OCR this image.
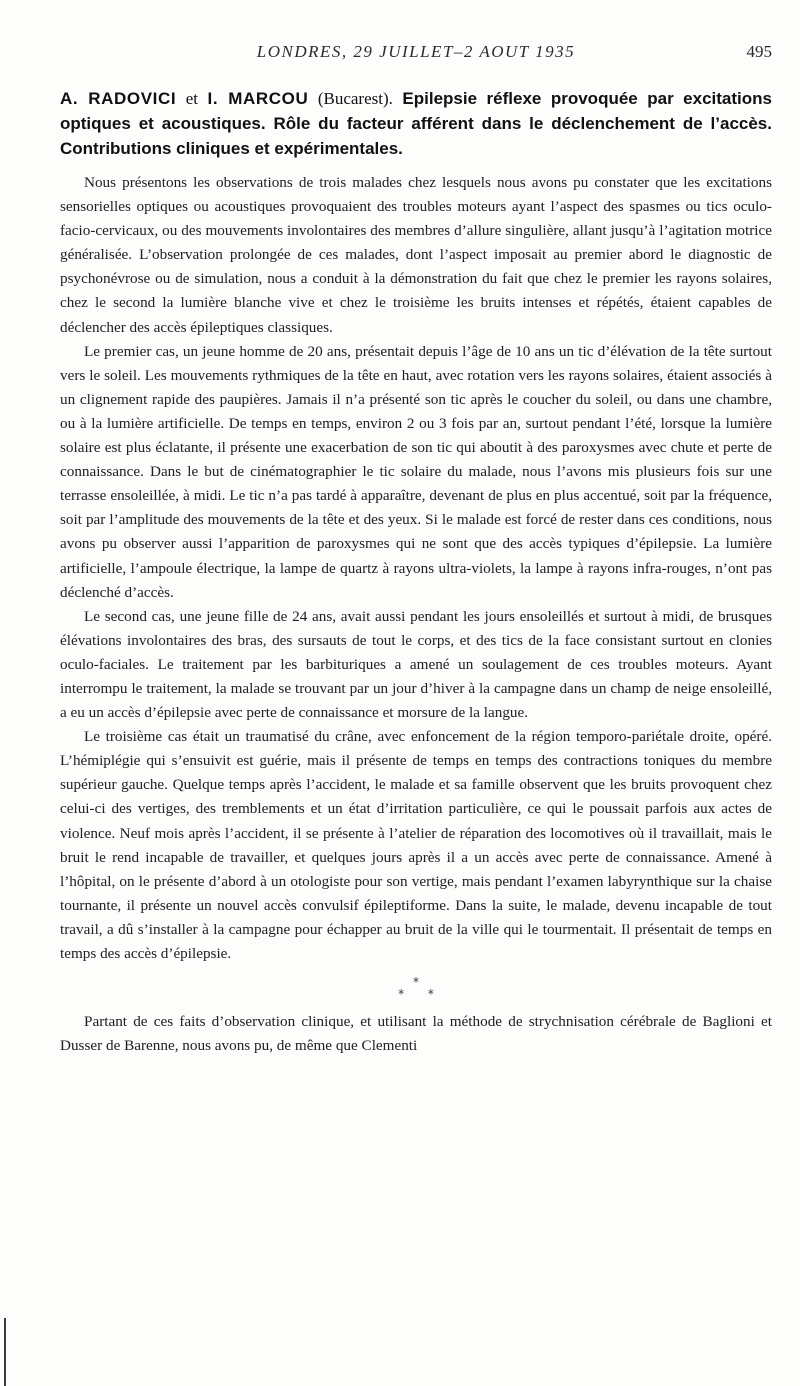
LONDRES, 29 JUILLET–2 AOUT 1935	495
A. RADOVICI et I. MARCOU (Bucarest). Epilepsie réflexe provoquée par excitations optiques et acoustiques. Rôle du facteur afférent dans le déclenchement de l’accès. Contributions cliniques et expérimentales.

Nous présentons les observations de trois malades chez lesquels nous avons pu constater que les excitations sensorielles optiques ou acoustiques provoquaient des troubles moteurs ayant l’aspect des spasmes ou tics oculo-facio-cervicaux, ou des mouvements involontaires des membres d’allure singulière, allant jusqu’à l’agitation motrice généralisée. L’observation prolongée de ces malades, dont l’aspect imposait au premier abord le diagnostic de psychonévrose ou de simulation, nous a conduit à la démonstration du fait que chez le premier les rayons solaires, chez le second la lumière blanche vive et chez le troisième les bruits intenses et répétés, étaient capables de déclencher des accès épileptiques classiques.

Le premier cas, un jeune homme de 20 ans, présentait depuis l’âge de 10 ans un tic d’élévation de la tête surtout vers le soleil. Les mouvements rythmiques de la tête en haut, avec rotation vers les rayons solaires, étaient associés à un clignement rapide des paupières. Jamais il n’a présenté son tic après le coucher du soleil, ou dans une chambre, ou à la lumière artificielle. De temps en temps, environ 2 ou 3 fois par an, surtout pendant l’été, lorsque la lumière solaire est plus éclatante, il présente une exacerbation de son tic qui aboutit à des paroxysmes avec chute et perte de connaissance. Dans le but de cinématographier le tic solaire du malade, nous l’avons mis plusieurs fois sur une terrasse ensoleillée, à midi. Le tic n’a pas tardé à apparaître, devenant de plus en plus accentué, soit par la fréquence, soit par l’amplitude des mouvements de la tête et des yeux. Si le malade est forcé de rester dans ces conditions, nous avons pu observer aussi l’apparition de paroxysmes qui ne sont que des accès typiques d’épilepsie. La lumière artificielle, l’ampoule électrique, la lampe de quartz à rayons ultra-violets, la lampe à rayons infra-rouges, n’ont pas déclenché d’accès.

Le second cas, une jeune fille de 24 ans, avait aussi pendant les jours ensoleillés et surtout à midi, de brusques élévations involontaires des bras, des sursauts de tout le corps, et des tics de la face consistant surtout en clonies oculo-faciales. Le traitement par les barbituriques a amené un soulagement de ces troubles moteurs. Ayant interrompu le traitement, la malade se trouvant par un jour d’hiver à la campagne dans un champ de neige ensoleillé, a eu un accès d’épilepsie avec perte de connaissance et morsure de la langue.

Le troisième cas était un traumatisé du crâne, avec enfoncement de la région temporo-pariétale droite, opéré. L’hémiplégie qui s’ensuivit est guérie, mais il présente de temps en temps des contractions toniques du membre supérieur gauche. Quelque temps après l’accident, le malade et sa famille observent que les bruits provoquent chez celui-ci des vertiges, des tremblements et un état d’irritation particulière, ce qui le poussait parfois aux actes de violence. Neuf mois après l’accident, il se présente à l’atelier de réparation des locomotives où il travaillait, mais le bruit le rend incapable de travailler, et quelques jours après il a un accès avec perte de connaissance. Amené à l’hôpital, on le présente d’abord à un otologiste pour son vertige, mais pendant l’examen labyrynthique sur la chaise tournante, il présente un nouvel accès convulsif épileptiforme. Dans la suite, le malade, devenu incapable de tout travail, a dû s’installer à la campagne pour échapper au bruit de la ville qui le tourmentait. Il présentait de temps en temps des accès d’épilepsie.

*
* *

Partant de ces faits d’observation clinique, et utilisant la méthode de strychnisation cérébrale de Baglioni et Dusser de Barenne, nous avons pu, de même que Clementi
